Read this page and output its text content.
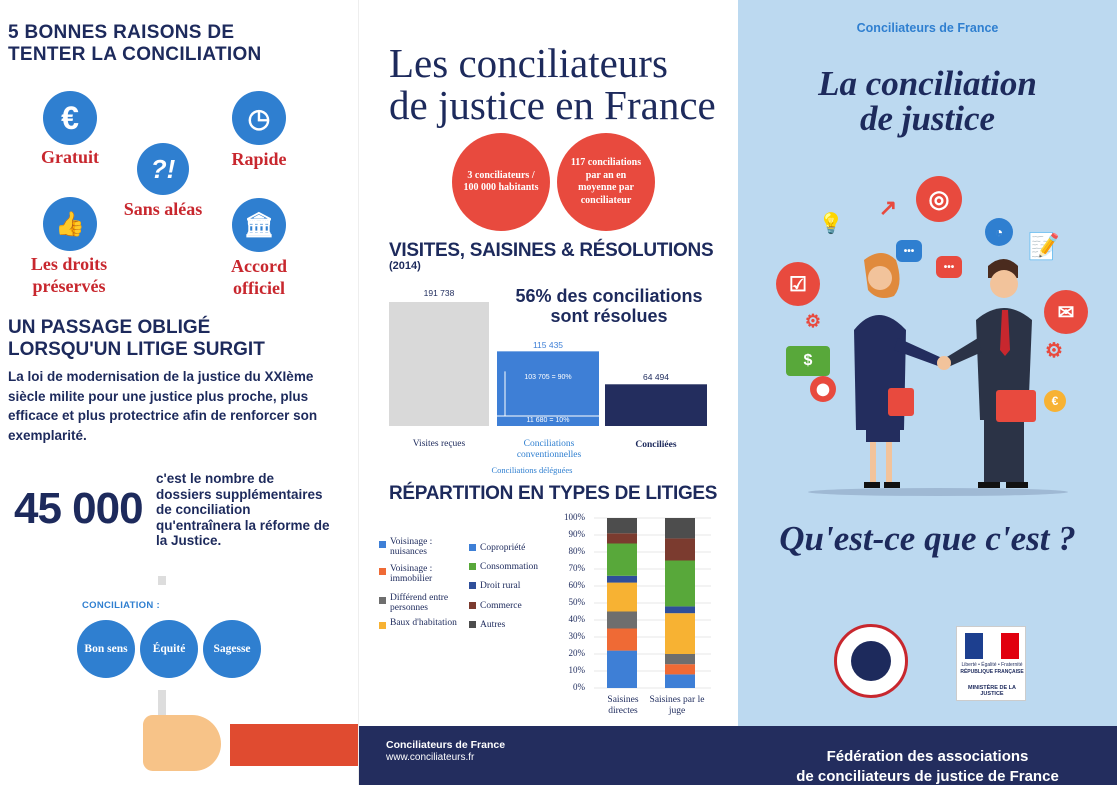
5 BONNES RAISONS DE
TENTER LA CONCILIATION
€
Gratuit
◷
Rapide
?!
Sans aléas
👍
Les droits
préservés
🏛
Accord
officiel
UN PASSAGE OBLIGÉ
LORSQU'UN LITIGE SURGIT
La loi de modernisation de la justice du XXIème siècle milite pour une justice plus proche, plus efficace et plus protectrice afin de renforcer son exemplarité.
45 000
c'est le nombre de dossiers supplémentaires de conciliation qu'entraînera la réforme de la Justice.
CONCILIATION :
Bon sens	Équité	Sagesse
Les conciliateurs
de justice en France
3 conciliateurs / 100 000 habitants
117 conciliations par an en moyenne par conciliateur
VISITES, SAISINES & RÉSOLUTIONS
(2014)
56% des conciliations
sont résolues
191 738
115 435
64 494
103 705 = 90%
11 680 = 10%
Visites reçues	Conciliations conventionnelles
Conciliées
Conciliations déléguées
RÉPARTITION EN TYPES DE LITIGES
Voisinage : nuisances
Voisinage : immobilier
Différend entre personnes
Baux d'habitation
Copropriété
Consommation
Droit rural
Commerce
Autres
0%
10%
20%
30%
40%
50%
60%
70%
80%
90%
100%
Saisines directes
Saisines par le juge
Conciliateurs de France
www.conciliateurs.fr
Conciliateurs de France
La conciliation
de justice
◎
◔
↗
💡
•••
•••
📝
☑
✉
⚙
⚙
$
⬤
€
Qu'est-ce que c'est ?
Liberté • Égalité • Fraternité
RÉPUBLIQUE FRANÇAISE
MINISTÈRE DE LA JUSTICE
Fédération des associations
de conciliateurs de justice de France
